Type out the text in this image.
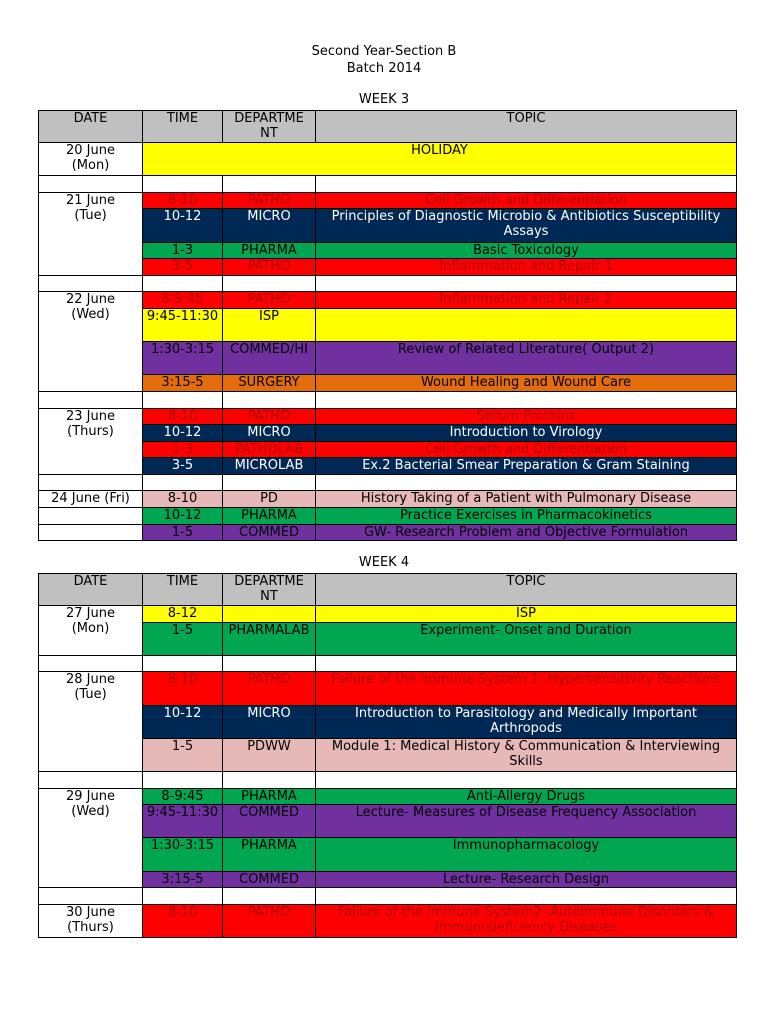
Second Year-Section B
Batch 2014
WEEK 3
DATE	TIME	DEPARTME NT	TOPIC
20 June
(Mon)	HOLIDAY		

21 June
(Tue)	8-10	PATHO	Cell Growth and Differentiation
	10-12	MICRO	Principles of Diagnostic Microbio & Antibiotics Susceptibility Assays
	1-3	PHARMA	Basic Toxicology
	3-5	PATHO	Inflammation and Repair 1

22 June
(Wed)	8-9:45	PATHO	Inflammation and Repair 2
	9:45-11:30	ISP	
	1:30-3:15	COMMED/HI	Review of Related Literature( Output 2)
	3:15-5	SURGERY	Wound Healing and Wound Care

23 June
(Thurs)	8-10	PATHO	Serum Proteins
	10-12	MICRO	Introduction to Virology
	1-3	PATHOLAB	Cell Growth and Differentiation
	3-5	MICROLAB	Ex.2 Bacterial Smear Preparation & Gram Staining

24 June (Fri)	8-10	PD	History Taking of a Patient with Pulmonary Disease
	10-12	PHARMA	Practice Exercises in Pharmacokinetics
	1-5	COMMED	GW- Research Problem and Objective Formulation
WEEK 4
DATE	TIME	DEPARTME NT	TOPIC
27 June
(Mon)	8-12		ISP
	1-5	PHARMALAB	Experiment- Onset and Duration

28 June
(Tue)	8-10	PATHO	Failure of the Immune System 1- Hypersensitivity Reactions
	10-12	MICRO	Introduction to Parasitology and Medically Important Arthropods
	1-5	PDWW	Module 1: Medical History & Communication & Interviewing Skills

29 June
(Wed)	8-9:45	PHARMA	Anti-Allergy Drugs
	9:45-11:30	COMMED	Lecture- Measures of Disease Frequency Association
	1:30-3:15	PHARMA	Immunopharmacology
	3:15-5	COMMED	Lecture- Research Design

30 June
(Thurs)	8-10	PATHO	Failure of the Immune System2- Autoimmune Disorders & Immunodeficiency Diseases
